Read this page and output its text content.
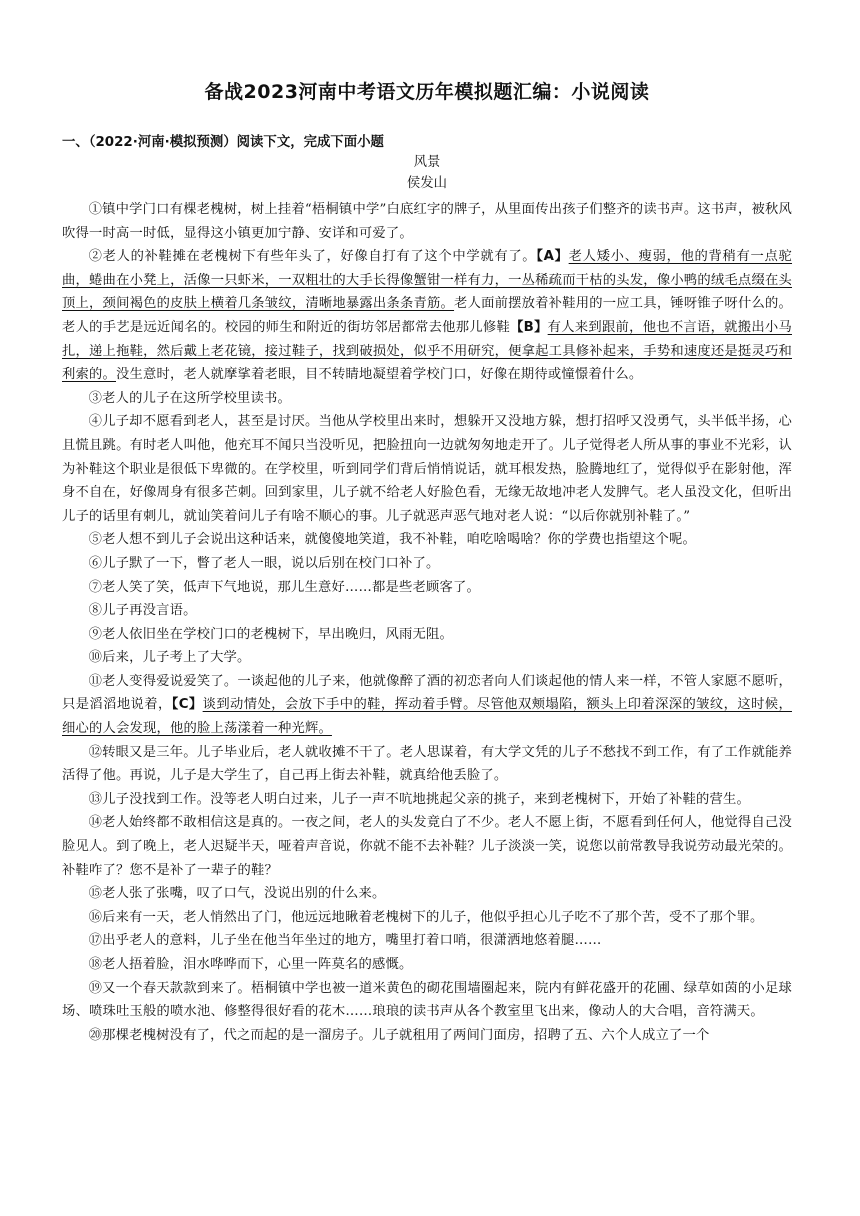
备战2023河南中考语文历年模拟题汇编：小说阅读
一、（2022·河南·模拟预测）阅读下文，完成下面小题
风景
侯发山

①镇中学门口有棵老槐树，树上挂着“梧桐镇中学”白底红字的牌子，从里面传出孩子们整齐的读书声。这书声，被秋风吹得一时高一时低，显得这小镇更加宁静、安详和可爱了。

②老人的补鞋摊在老槐树下有些年头了，好像自打有了这个中学就有了。【A】老人矮小、瘦弱，他的背稍有一点驼曲，蜷曲在小凳上，活像一只虾米，一双粗壮的大手长得像蟹钳一样有力，一丛稀疏而干枯的头发，像小鸭的绒毛点缀在头顶上，颈间褐色的皮肤上横着几条皱纹，清晰地暴露出条条青筋。老人面前摆放着补鞋用的一应工具，锤呀锥子呀什么的。老人的手艺是远近闻名的。校园的师生和附近的街坊邻居都常去他那儿修鞋【B】有人来到跟前，他也不言语，就搬出小马扎，递上拖鞋，然后戴上老花镜，接过鞋子，找到破损处，似乎不用研究，便拿起工具修补起来，手势和速度还是挺灵巧和利索的。没生意时，老人就摩挲着老眼，目不转睛地凝望着学校门口，好像在期待或憧憬着什么。

③老人的儿子在这所学校里读书。

④儿子却不愿看到老人，甚至是讨厌。当他从学校里出来时，想躲开又没地方躲，想打招呼又没勇气，头半低半扬，心且慌且跳。有时老人叫他，他充耳不闻只当没听见，把脸扭向一边就匆匆地走开了。儿子觉得老人所从事的事业不光彩，认为补鞋这个职业是很低下卑微的。在学校里，听到同学们背后悄悄说话，就耳根发热，脸腾地红了，觉得似乎在影射他，浑身不自在，好像周身有很多芒刺。回到家里，儿子就不给老人好脸色看，无缘无故地冲老人发脾气。老人虽没文化，但听出儿子的话里有刺儿，就讪笑着问儿子有啥不顺心的事。儿子就恶声恶气地对老人说：“以后你就别补鞋了。”

⑤老人想不到儿子会说出这种话来，就傻傻地笑道，我不补鞋，咱吃啥喝啥？你的学费也指望这个呢。

⑥儿子默了一下，瞥了老人一眼，说以后别在校门口补了。

⑦老人笑了笑，低声下气地说，那儿生意好……都是些老顾客了。

⑧儿子再没言语。

⑨老人依旧坐在学校门口的老槐树下，早出晚归，风雨无阻。

⑩后来，儿子考上了大学。

⑪老人变得爱说爱笑了。一谈起他的儿子来，他就像醉了酒的初恋者向人们谈起他的情人来一样，不管人家愿不愿听，只是滔滔地说着，【C】谈到动情处，会放下手中的鞋，挥动着手臂。尽管他双颊塌陷，额头上印着深深的皱纹，这时候，细心的人会发现，他的脸上荡漾着一种光辉。

⑫转眼又是三年。儿子毕业后，老人就收摊不干了。老人思谋着，有大学文凭的儿子不愁找不到工作，有了工作就能养活得了他。再说，儿子是大学生了，自己再上街去补鞋，就真给他丢脸了。

⑬儿子没找到工作。没等老人明白过来，儿子一声不吭地挑起父亲的挑子，来到老槐树下，开始了补鞋的营生。

⑭老人始终都不敢相信这是真的。一夜之间，老人的头发竟白了不少。老人不愿上街，不愿看到任何人，他觉得自己没脸见人。到了晚上，老人迟疑半天，哑着声音说，你就不能不去补鞋？儿子淡淡一笑，说您以前常教导我说劳动最光荣的。补鞋咋了？您不是补了一辈子的鞋？

⑮老人张了张嘴，叹了口气，没说出别的什么来。

⑯后来有一天，老人悄然出了门，他远远地瞅着老槐树下的儿子，他似乎担心儿子吃不了那个苦，受不了那个罪。

⑰出乎老人的意料，儿子坐在他当年坐过的地方，嘴里打着口哨，很潇洒地悠着腿……

⑱老人捂着脸，泪水哗哗而下，心里一阵莫名的感慨。

⑲又一个春天款款到来了。梧桐镇中学也被一道米黄色的砌花围墙圈起来，院内有鲜花盛开的花圃、绿草如茵的小足球场、喷珠吐玉般的喷水池、修整得很好看的花木……琅琅的读书声从各个教室里飞出来，像动人的大合唱，音符满天。

⑳那棵老槐树没有了，代之而起的是一溜房子。儿子就租用了两间门面房，招聘了五、六个人成立了一个
